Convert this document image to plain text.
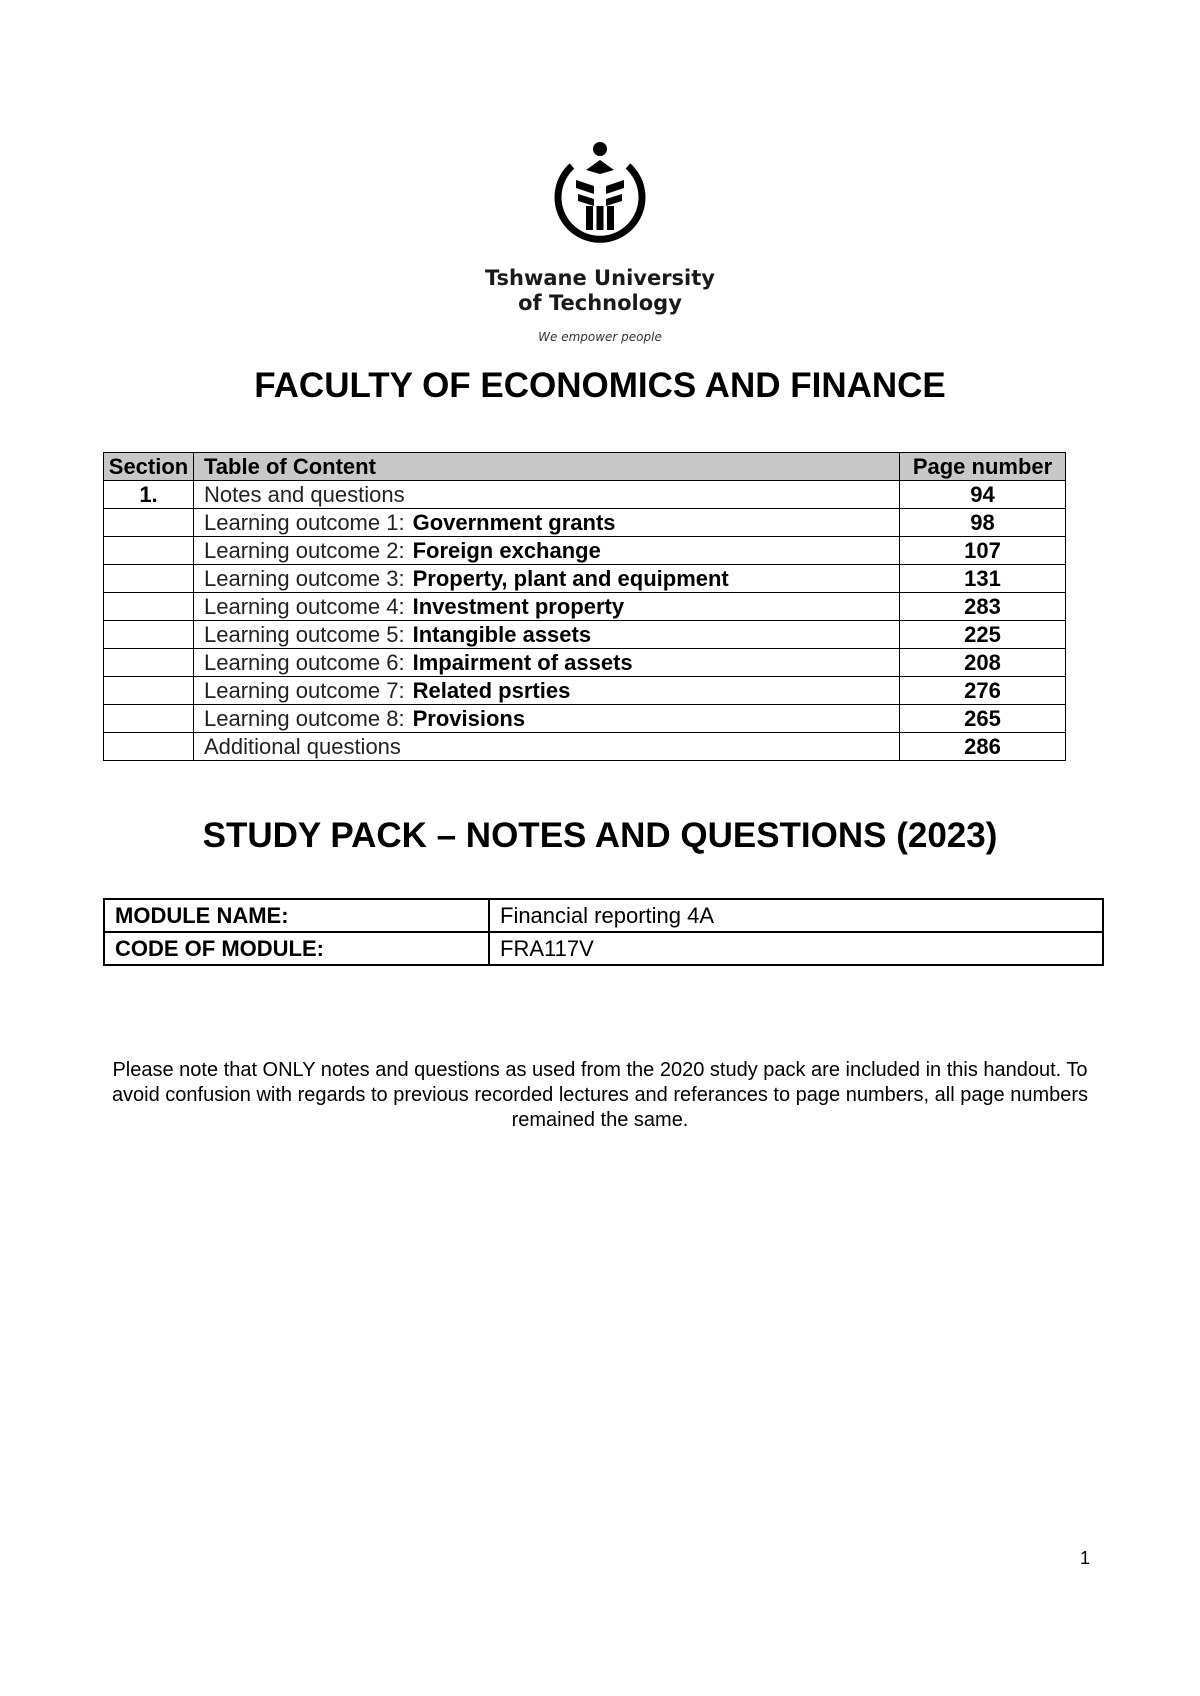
Tshwane University
of Technology
We empower people
FACULTY OF ECONOMICS AND FINANCE
Section	Table of Content	Page number
1.	Notes and questions	94
	Learning outcome 1: Government grants	98
	Learning outcome 2: Foreign exchange	107
	Learning outcome 3: Property, plant and equipment	131
	Learning outcome 4: Investment property	283
	Learning outcome 5: Intangible assets	225
	Learning outcome 6: Impairment of assets	208
	Learning outcome 7: Related psrties	276
	Learning outcome 8: Provisions	265
	Additional questions	286
STUDY PACK – NOTES AND QUESTIONS (2023)
MODULE NAME:	Financial reporting 4A
CODE OF MODULE:	FRA117V
Please note that ONLY notes and questions as used from the 2020 study pack are included in this handout. To avoid confusion with regards to previous recorded lectures and referances to page numbers, all page numbers remained the same.
1
